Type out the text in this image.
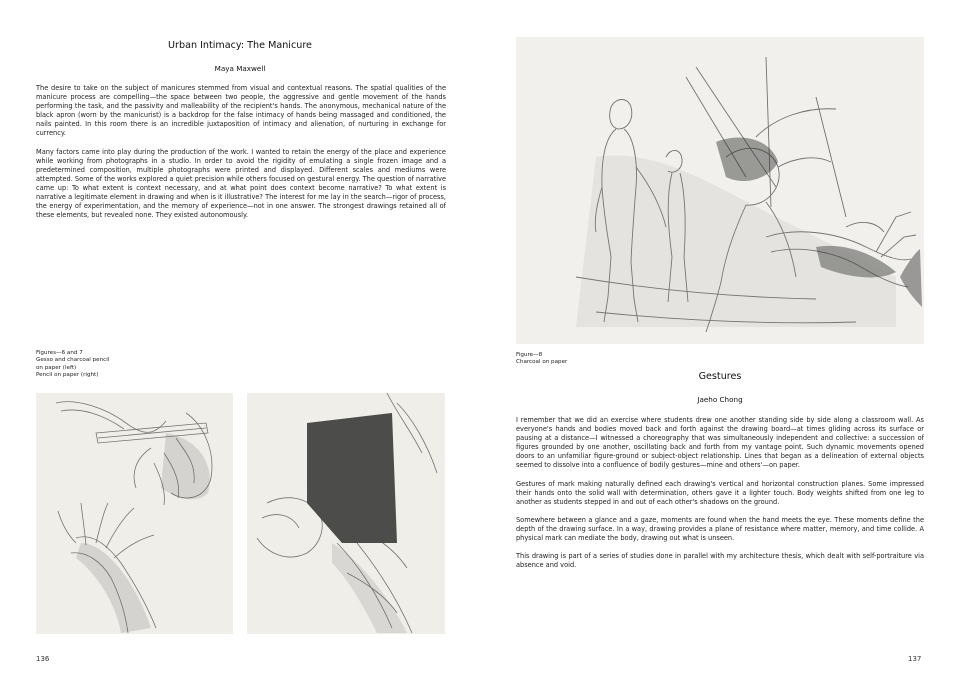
Urban Intimacy: The Manicure
Maya Maxwell

The desire to take on the subject of manicures stemmed from visual and contextual reasons. The spatial qualities of the manicure process are compelling—the space between two people, the aggressive and gentle movement of the hands performing the task, and the passivity and malleability of the recipient's hands. The anonymous, mechanical nature of the black apron (worn by the manicurist) is a backdrop for the false intimacy of hands being massaged and conditioned, the nails painted. In this room there is an incredible juxtaposition of intimacy and alienation, of nurturing in exchange for currency.

Many factors came into play during the production of the work. I wanted to retain the energy of the place and experience while working from photographs in a studio. In order to avoid the rigidity of emulating a single frozen image and a predetermined composition, multiple photographs were printed and displayed. Different scales and mediums were attempted. Some of the works explored a quiet precision while others focused on gestural energy. The question of narrative came up: To what extent is context necessary, and at what point does context become narrative? To what extent is narrative a legitimate element in drawing and when is it illustrative? The interest for me lay in the search—rigor of process, the energy of experimentation, and the memory of experience—not in one answer. The strongest drawings retained all of these elements, but revealed none. They existed autonomously.

Figures—6 and 7
Gesso and charcoal pencil
on paper (left)
Pencil on paper (right)
136
Figure—8
Charcoal on paper
Gestures
Jaeho Chong

I remember that we did an exercise where students drew one another standing side by side along a classroom wall. As everyone's hands and bodies moved back and forth against the drawing board—at times gliding across its surface or pausing at a distance—I witnessed a choreography that was simultaneously independent and collective: a succession of figures grounded by one another, oscillating back and forth from my vantage point. Such dynamic movements opened doors to an unfamiliar figure-ground or subject-object relationship. Lines that began as a delineation of external objects seemed to dissolve into a confluence of bodily gestures—mine and others'—on paper.

Gestures of mark making naturally defined each drawing's vertical and horizontal construction planes. Some impressed their hands onto the solid wall with determination, others gave it a lighter touch. Body weights shifted from one leg to another as students stepped in and out of each other's shadows on the ground.

Somewhere between a glance and a gaze, moments are found when the hand meets the eye. These moments define the depth of the drawing surface. In a way, drawing provides a plane of resistance where matter, memory, and time collide. A physical mark can mediate the body, drawing out what is unseen.

This drawing is part of a series of studies done in parallel with my architecture thesis, which dealt with self-portraiture via absence and void.

137
